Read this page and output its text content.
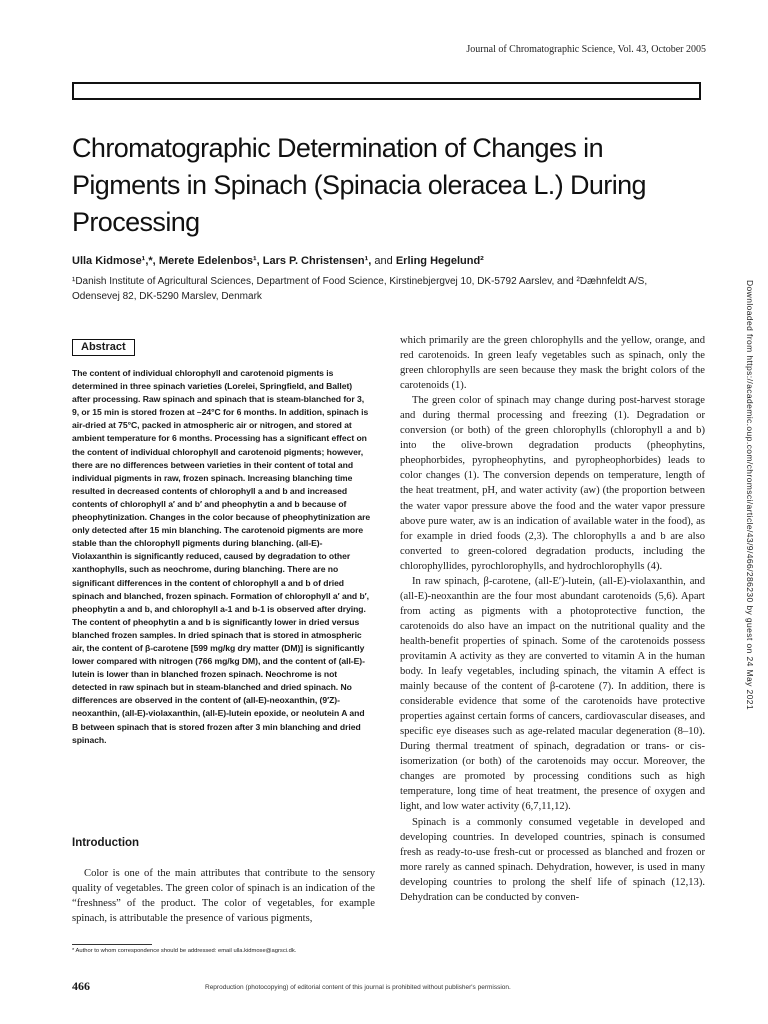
Journal of Chromatographic Science, Vol. 43, October 2005
Chromatographic Determination of Changes in Pigments in Spinach (Spinacia oleracea L.) During Processing
Ulla Kidmose¹,*, Merete Edelenbos¹, Lars P. Christensen¹, and Erling Hegelund²
¹Danish Institute of Agricultural Sciences, Department of Food Science, Kirstinebjergvej 10, DK-5792 Aarslev, and ²Dæhnfeldt A/S, Odensevej 82, DK-5290 Marslev, Denmark
Abstract
The content of individual chlorophyll and carotenoid pigments is determined in three spinach varieties (Lorelei, Springfield, and Ballet) after processing. Raw spinach and spinach that is steam-blanched for 3, 9, or 15 min is stored frozen at –24°C for 6 months. In addition, spinach is air-dried at 75°C, packed in atmospheric air or nitrogen, and stored at ambient temperature for 6 months. Processing has a significant effect on the content of individual chlorophyll and carotenoid pigments; however, there are no differences between varieties in their content of total and individual pigments in raw, frozen spinach. Increasing blanching time resulted in decreased contents of chlorophyll a and b and increased contents of chlorophyll a′ and b′ and pheophytin a and b because of pheophytinization. Changes in the color because of pheophytinization are only detected after 15 min blanching. The carotenoid pigments are more stable than the chlorophyll pigments during blanching. (all-E)-Violaxanthin is significantly reduced, caused by degradation to other xanthophylls, such as neochrome, during blanching. There are no significant differences in the content of chlorophyll a and b of dried spinach and blanched, frozen spinach. Formation of chlorophyll a′ and b′, pheophytin a and b, and chlorophyll a-1 and b-1 is observed after drying. The content of pheophytin a and b is significantly lower in dried versus blanched frozen samples. In dried spinach that is stored in atmospheric air, the content of β-carotene [599 mg/kg dry matter (DM)] is significantly lower compared with nitrogen (766 mg/kg DM), and the content of (all-E)-lutein is lower than in blanched frozen spinach. Neochrome is not detected in raw spinach but in steam-blanched and dried spinach. No differences are observed in the content of (all-E)-neoxanthin, (9′Z)-neoxanthin, (all-E)-violaxanthin, (all-E)-lutein epoxide, or neolutein A and B between spinach that is stored frozen after 3 min blanching and dried spinach.
Introduction

Color is one of the main attributes that contribute to the sensory quality of vegetables. The green color of spinach is an indication of the “freshness” of the product. The color of vegetables, for example spinach, is attributable the presence of various pigments,

* Author to whom correspondence should be addressed: email ulla.kidmose@agrsci.dk.

which primarily are the green chlorophylls and the yellow, orange, and red carotenoids. In green leafy vegetables such as spinach, only the green chlorophylls are seen because they mask the bright colors of the carotenoids (1).

The green color of spinach may change during post-harvest storage and during thermal processing and freezing (1). Degradation or conversion (or both) of the green chlorophylls (chlorophyll a and b) into the olive-brown degradation products (pheophytins, pheophorbides, pyropheophytins, and pyropheophorbides) leads to color changes (1). The conversion depends on temperature, length of the heat treatment, pH, and water activity (aw) (the proportion between the water vapor pressure above the food and the water vapor pressure above pure water, aw is an indication of available water in the food), as for example in dried foods (2,3). The chlorophylls a and b are also converted to green-colored degradation products, including the chlorophyllides, pyrochlorophylls, and hydrochlorophylls (4).

In raw spinach, β-carotene, (all-E′)-lutein, (all-E)-violaxanthin, and (all-E)-neoxanthin are the four most abundant carotenoids (5,6). Apart from acting as pigments with a photoprotective function, the carotenoids do also have an impact on the nutritional quality and the health-benefit properties of spinach. Some of the carotenoids possess provitamin A activity as they are converted to vitamin A in the human body. In leafy vegetables, including spinach, the vitamin A effect is mainly because of the content of β-carotene (7). In addition, there is considerable evidence that some of the carotenoids have protective properties against certain forms of cancers, cardiovascular diseases, and specific eye diseases such as age-related macular degeneration (8–10). During thermal treatment of spinach, degradation or trans- or cis-isomerization (or both) of the carotenoids may occur. Moreover, the changes are promoted by processing conditions such as high temperature, long time of heat treatment, the presence of oxygen and light, and low water activity (6,7,11,12).

Spinach is a commonly consumed vegetable in developed and developing countries. In developed countries, spinach is consumed fresh as ready-to-use fresh-cut or processed as blanched and frozen or more rarely as canned spinach. Dehydration, however, is used in many developing countries to prolong the shelf life of spinach (12,13). Dehydration can be conducted by conven-

Downloaded from https://academic.oup.com/chromsci/article/43/9/466/286230 by guest on 24 May 2021
466	Reproduction (photocopying) of editorial content of this journal is prohibited without publisher's permission.
